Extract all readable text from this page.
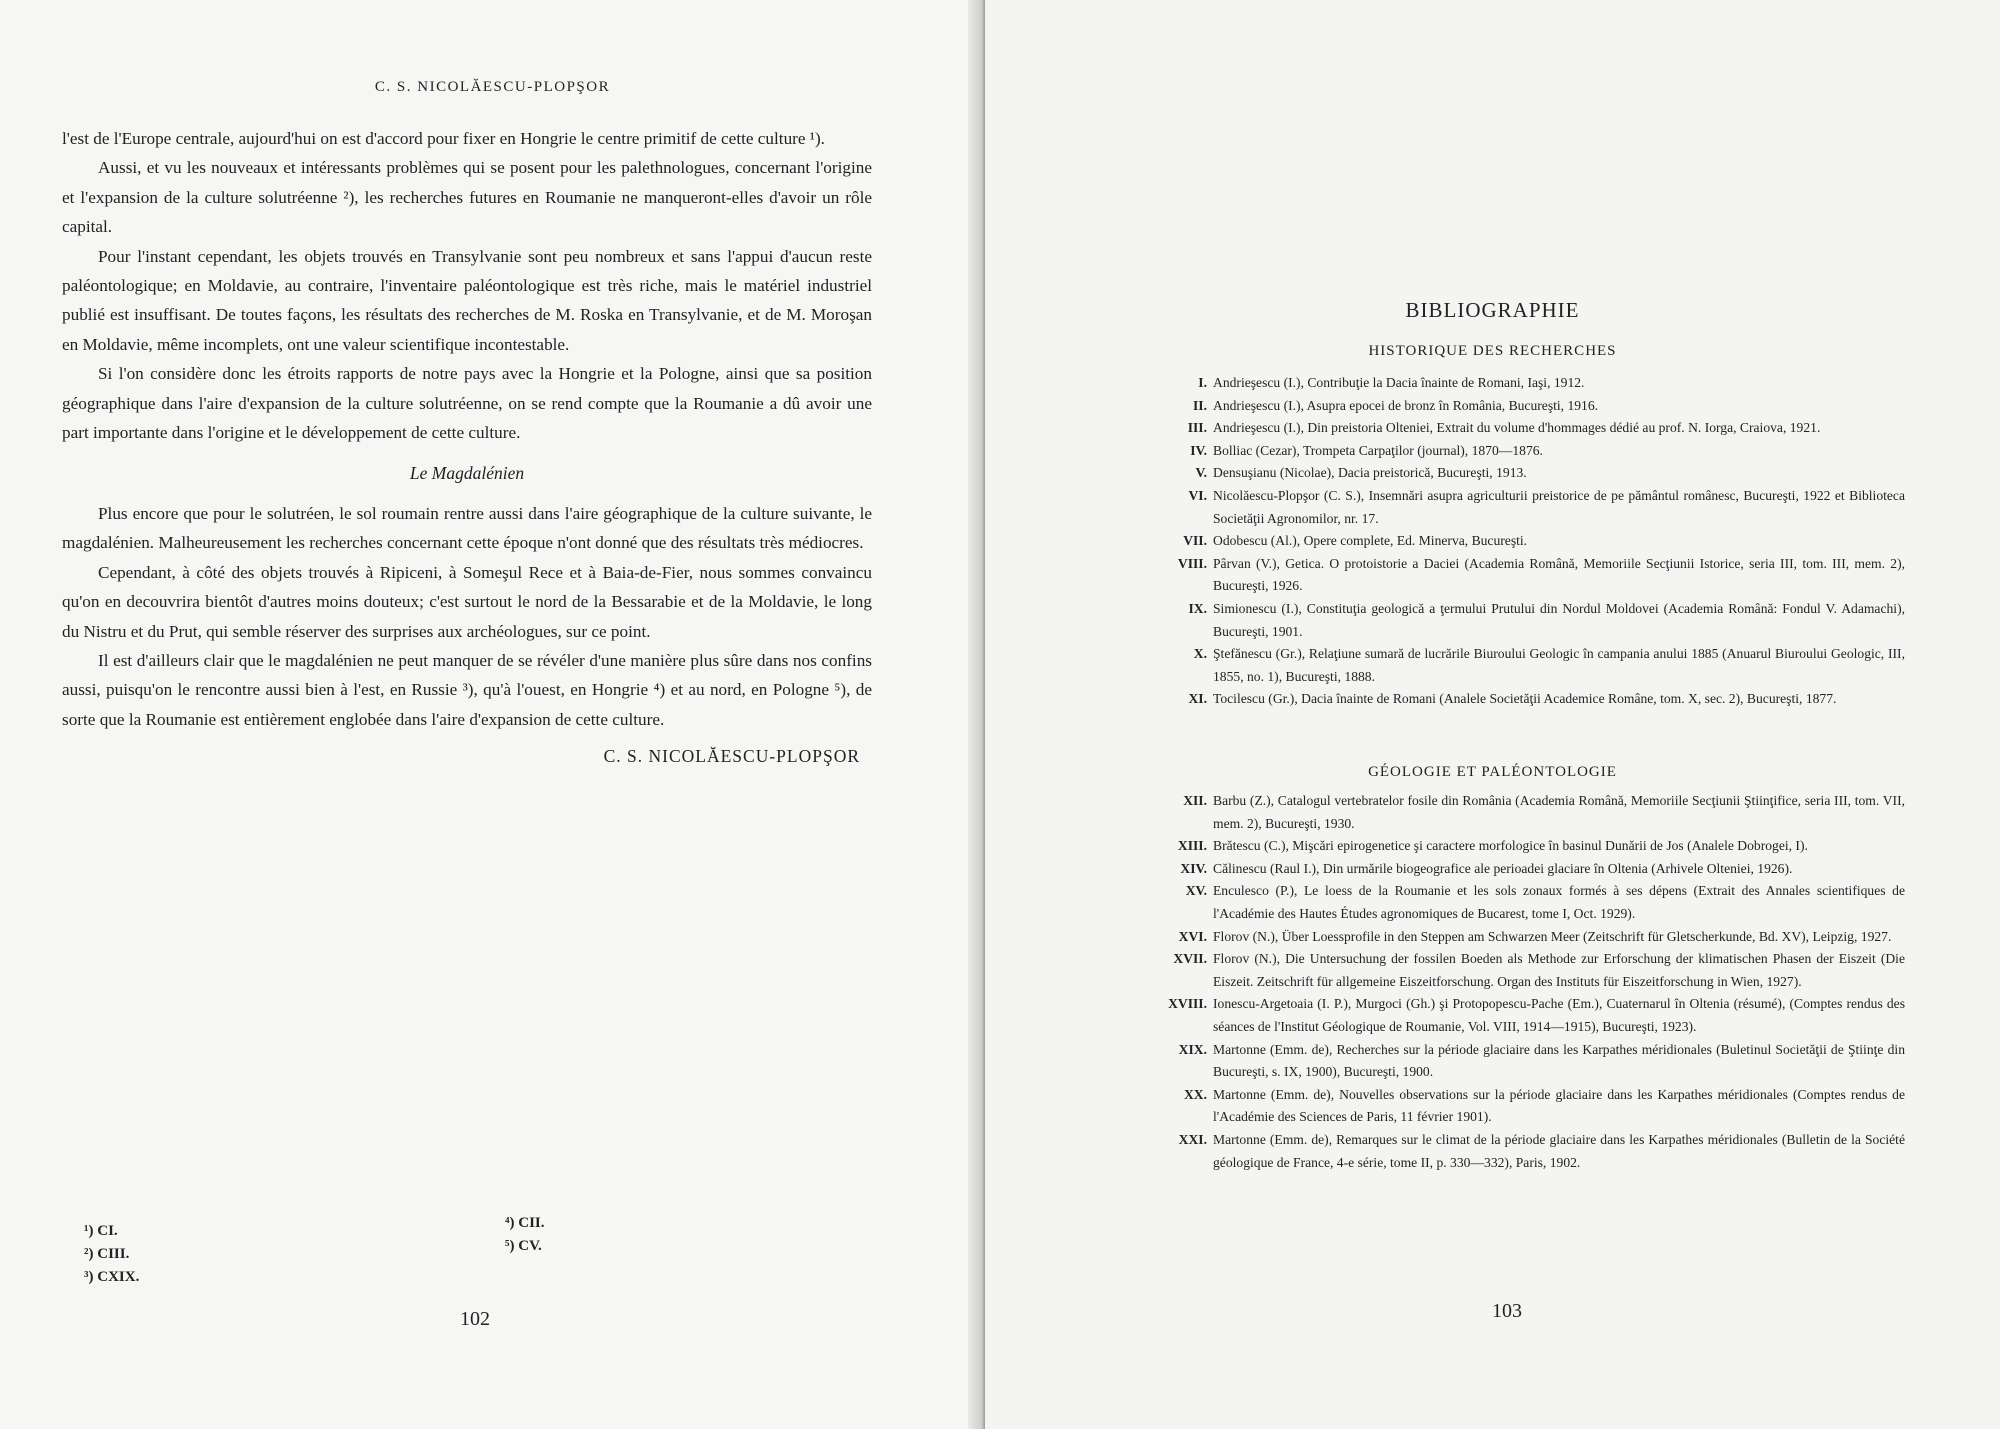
C. S. NICOLĂESCU-PLOPŞOR

l'est de l'Europe centrale, aujourd'hui on est d'accord pour fixer en Hongrie le centre primitif de cette culture ¹).

Aussi, et vu les nouveaux et intéressants problèmes qui se posent pour les palethnologues, concernant l'origine et l'expansion de la culture solutréenne ²), les recherches futures en Roumanie ne manqueront-elles d'avoir un rôle capital.

Pour l'instant cependant, les objets trouvés en Transylvanie sont peu nombreux et sans l'appui d'aucun reste paléontologique; en Moldavie, au contraire, l'inventaire paléontologique est très riche, mais le matériel industriel publié est insuffisant. De toutes façons, les résultats des recherches de M. Roska en Transylvanie, et de M. Moroşan en Moldavie, même incomplets, ont une valeur scientifique incontestable.

Si l'on considère donc les étroits rapports de notre pays avec la Hongrie et la Pologne, ainsi que sa position géographique dans l'aire d'expansion de la culture solutréenne, on se rend compte que la Roumanie a dû avoir une part importante dans l'origine et le développement de cette culture.

Le Magdalénien

Plus encore que pour le solutréen, le sol roumain rentre aussi dans l'aire géographique de la culture suivante, le magdalénien. Malheureusement les recherches concernant cette époque n'ont donné que des résultats très médiocres.

Cependant, à côté des objets trouvés à Ripiceni, à Someşul Rece et à Baia-de-Fier, nous sommes convaincu qu'on en decouvrira bientôt d'autres moins douteux; c'est surtout le nord de la Bessarabie et de la Moldavie, le long du Nistru et du Prut, qui semble réserver des surprises aux archéologues, sur ce point.

Il est d'ailleurs clair que le magdalénien ne peut manquer de se révéler d'une manière plus sûre dans nos confins aussi, puisqu'on le rencontre aussi bien à l'est, en Russie ³), qu'à l'ouest, en Hongrie ⁴) et au nord, en Pologne ⁵), de sorte que la Roumanie est entièrement englobée dans l'aire d'expansion de cette culture.

C. S. NICOLĂESCU-PLOPŞOR
¹) CI.
²) CIII.
³) CXIX.
⁴) CII.
⁵) CV.
102
BIBLIOGRAPHIE
HISTORIQUE DES RECHERCHES
I. Andrieşescu (I.), Contribuţie la Dacia înainte de Romani, Iaşi, 1912.
II. Andrieşescu (I.), Asupra epocei de bronz în România, Bucureşti, 1916.
III. Andrieşescu (I.), Din preistoria Olteniei, Extrait du volume d'hommages dédié au prof. N. Iorga, Craiova, 1921.
IV. Bolliac (Cezar), Trompeta Carpaţilor (journal), 1870—1876.
V. Densuşianu (Nicolae), Dacia preistorică, Bucureşti, 1913.
VI. Nicolăescu-Plopşor (C. S.), Insemnări asupra agriculturii preistorice de pe pământul românesc, Bucureşti, 1922 et Biblioteca Societăţii Agronomilor, nr. 17.
VII. Odobescu (Al.), Opere complete, Ed. Minerva, Bucureşti.
VIII. Pârvan (V.), Getica. O protoistorie a Daciei (Academia Română, Memoriile Secţiunii Istorice, seria III, tom. III, mem. 2), Bucureşti, 1926.
IX. Simionescu (I.), Constituţia geologică a ţermului Prutului din Nordul Moldovei (Academia Română: Fondul V. Adamachi), Bucureşti, 1901.
X. Ştefănescu (Gr.), Relaţiune sumară de lucrările Biuroului Geologic în campania anului 1885 (Anuarul Biuroului Geologic, III, 1855, no. 1), Bucureşti, 1888.
XI. Tocilescu (Gr.), Dacia înainte de Romani (Analele Societăţii Academice Române, tom. X, sec. 2), Bucureşti, 1877.
GÉOLOGIE ET PALÉONTOLOGIE
XII. Barbu (Z.), Catalogul vertebratelor fosile din România (Academia Română, Memoriile Secţiunii Ştiinţifice, seria III, tom. VII, mem. 2), Bucureşti, 1930.
XIII. Brătescu (C.), Mişcări epirogenetice şi caractere morfologice în basinul Dunării de Jos (Analele Dobrogei, I).
XIV. Călinescu (Raul I.), Din urmările biogeografice ale perioadei glaciare în Oltenia (Arhivele Olteniei, 1926).
XV. Enculesco (P.), Le loess de la Roumanie et les sols zonaux formés à ses dépens (Extrait des Annales scientifiques de l'Académie des Hautes Études agronomiques de Bucarest, tome I, Oct. 1929).
XVI. Florov (N.), Über Loessprofile in den Steppen am Schwarzen Meer (Zeitschrift für Gletscherkunde, Bd. XV), Leipzig, 1927.
XVII. Florov (N.), Die Untersuchung der fossilen Boeden als Methode zur Erforschung der klimatischen Phasen der Eiszeit (Die Eiszeit. Zeitschrift für allgemeine Eiszeitforschung. Organ des Instituts für Eiszeitforschung in Wien, 1927).
XVIII. Ionescu-Argetoaia (I. P.), Murgoci (Gh.) şi Protopopescu-Pache (Em.), Cuaternarul în Oltenia (résumé), (Comptes rendus des séances de l'Institut Géologique de Roumanie, Vol. VIII, 1914—1915), Bucureşti, 1923).
XIX. Martonne (Emm. de), Recherches sur la période glaciaire dans les Karpathes méridionales (Buletinul Societăţii de Ştiinţe din Bucureşti, s. IX, 1900), Bucureşti, 1900.
XX. Martonne (Emm. de), Nouvelles observations sur la période glaciaire dans les Karpathes méridionales (Comptes rendus de l'Académie des Sciences de Paris, 11 février 1901).
XXI. Martonne (Emm. de), Remarques sur le climat de la période glaciaire dans les Karpathes méridionales (Bulletin de la Société géologique de France, 4-e série, tome II, p. 330—332), Paris, 1902.
103
